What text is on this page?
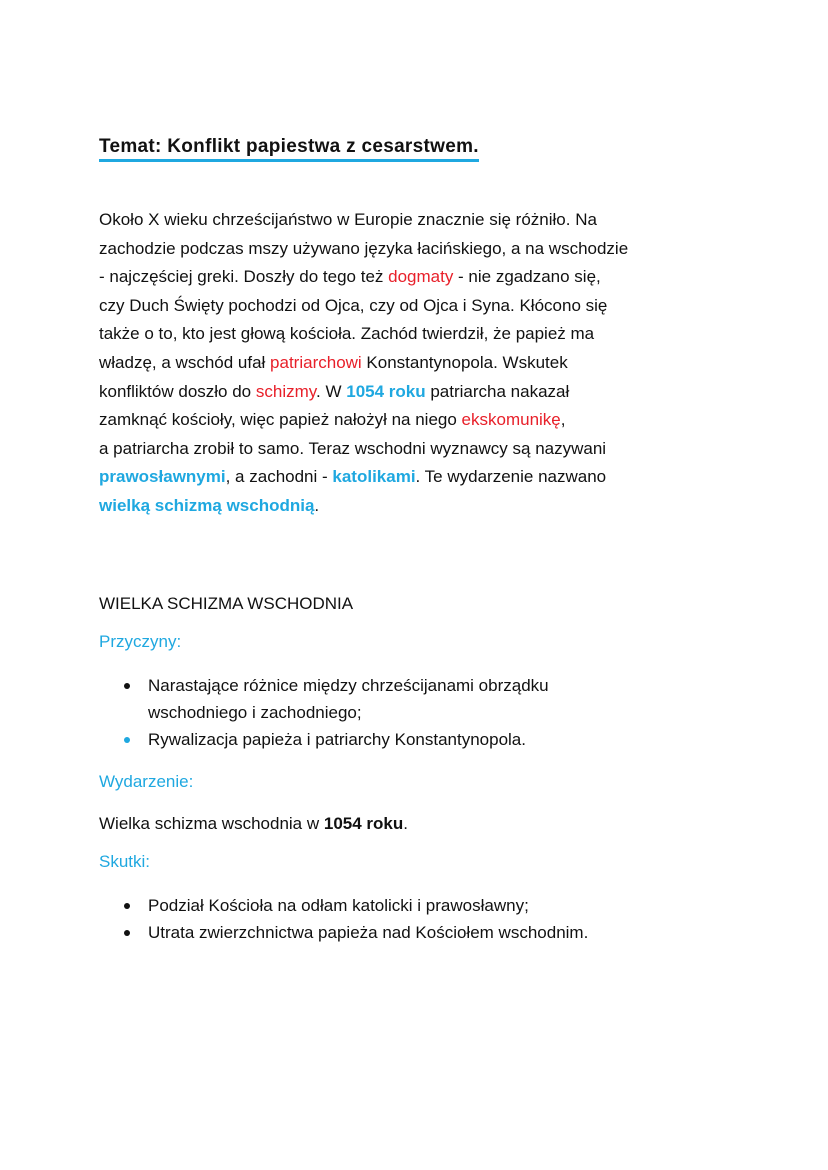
Temat: Konflikt papiestwa z cesarstwem.
Około X wieku chrześcijaństwo w Europie znacznie się różniło. Na
zachodzie podczas mszy używano języka łacińskiego, a na wschodzie
- najczęściej greki. Doszły do tego też dogmaty - nie zgadzano się,
czy Duch Święty pochodzi od Ojca, czy od Ojca i Syna. Kłócono się
także o to, kto jest głową kościoła. Zachód twierdził, że papież ma
władzę, a wschód ufał patriarchowi Konstantynopola. Wskutek
konfliktów doszło do schizmy. W 1054 roku patriarcha nakazał
zamknąć kościoły, więc papież nałożył na niego ekskomunikę,
a patriarcha zrobił to samo. Teraz wschodni wyznawcy są nazywani
prawosławnymi, a zachodni - katolikami. Te wydarzenie nazwano
wielką schizmą wschodnią.
WIELKA SCHIZMA WSCHODNIA
Przyczyny:
Narastające różnice między chrześcijanami obrządku
wschodniego i zachodniego;
Rywalizacja papieża i patriarchy Konstantynopola.
Wydarzenie:
Wielka schizma wschodnia w 1054 roku.
Skutki:
Podział Kościoła na odłam katolicki i prawosławny;
Utrata zwierzchnictwa papieża nad Kościołem wschodnim.
